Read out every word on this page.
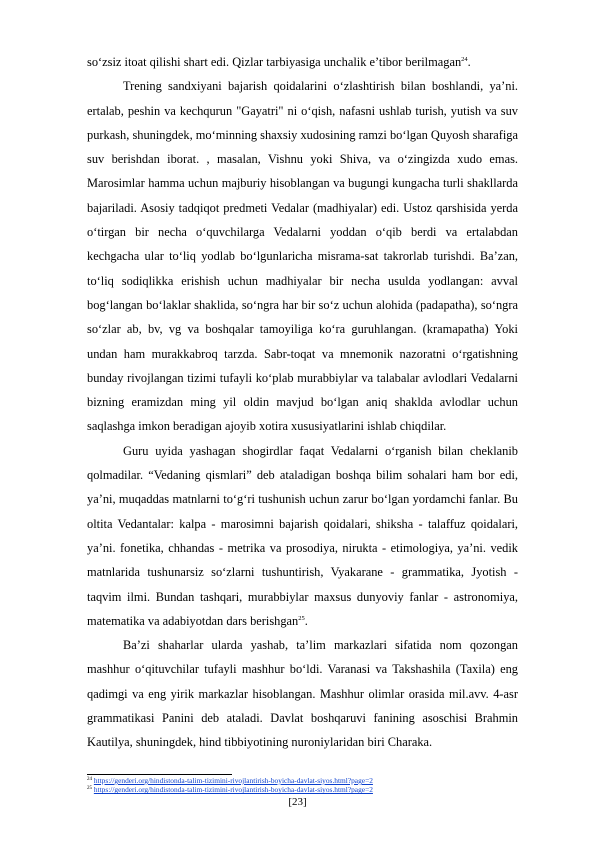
so‘zsiz itoat qilishi shart edi. Qizlar tarbiyasiga unchalik e’tibor berilmagan$^{24}$.

Trening sandxiyani bajarish qoidalarini o‘zlashtirish bilan boshlandi, ya’ni. ertalab, peshin va kechqurun "Gayatri" ni o‘qish, nafasni ushlab turish, yutish va suv purkash, shuningdek, mo‘minning shaxsiy xudosining ramzi bo‘lgan Quyosh sharafiga suv berishdan iborat. , masalan, Vishnu yoki Shiva, va o‘zingizda xudo emas. Marosimlar hamma uchun majburiy hisoblangan va bugungi kungacha turli shakllarda bajariladi. Asosiy tadqiqot predmeti Vedalar (madhiyalar) edi. Ustoz qarshisida yerda o‘tirgan bir necha o‘quvchilarga Vedalarni yoddan o‘qib berdi va ertalabdan kechgacha ular to‘liq yodlab bo‘lgunlaricha misrama-sat takrorlab turishdi. Ba’zan, to‘liq sodiqlikka erishish uchun madhiyalar bir necha usulda yodlangan: avval bog‘langan bo‘laklar shaklida, so‘ngra har bir so‘z uchun alohida (padapatha), so‘ngra so‘zlar ab, bv, vg va boshqalar tamoyiliga ko‘ra guruhlangan. (kramapatha) Yoki undan ham murakkabroq tarzda. Sabr-toqat va mnemonik nazoratni o‘rgatishning bunday rivojlangan tizimi tufayli ko‘plab murabbiylar va talabalar avlodlari Vedalarni bizning eramizdan ming yil oldin mavjud bo‘lgan aniq shaklda avlodlar uchun saqlashga imkon beradigan ajoyib xotira xususiyatlarini ishlab chiqdilar.

Guru uyida yashagan shogirdlar faqat Vedalarni o‘rganish bilan cheklanib qolmadilar. “Vedaning qismlari” deb ataladigan boshqa bilim sohalari ham bor edi, ya’ni, muqaddas matnlarni to‘g‘ri tushunish uchun zarur bo‘lgan yordamchi fanlar. Bu oltita Vedantalar: kalpa - marosimni bajarish qoidalari, shiksha - talaffuz qoidalari, ya’ni. fonetika, chhandas - metrika va prosodiya, nirukta - etimologiya, ya’ni. vedik matnlarida tushunarsiz so‘zlarni tushuntirish, Vyakarane - grammatika, Jyotish - taqvim ilmi. Bundan tashqari, murabbiylar maxsus dunyoviy fanlar - astronomiya, matematika va adabiyotdan dars berishgan$^{25}$.

Ba’zi shaharlar ularda yashab, ta’lim markazlari sifatida nom qozongan mashhur o‘qituvchilar tufayli mashhur bo‘ldi. Varanasi va Takshashila (Taxila) eng qadimgi va eng yirik markazlar hisoblangan. Mashhur olimlar orasida mil.avv. 4-asr grammatikasi Panini deb ataladi. Davlat boshqaruvi fanining asoschisi Brahmin Kautilya, shuningdek, hind tibbiyotining nuroniylaridan biri Charaka.

$^{24}$ https://genderi.org/hindistonda-talim-tizimini-rivojlantirish-boyicha-davlat-siyos.html?page=2
$^{25}$ https://genderi.org/hindistonda-talim-tizimini-rivojlantirish-boyicha-davlat-siyos.html?page=2
[23]
